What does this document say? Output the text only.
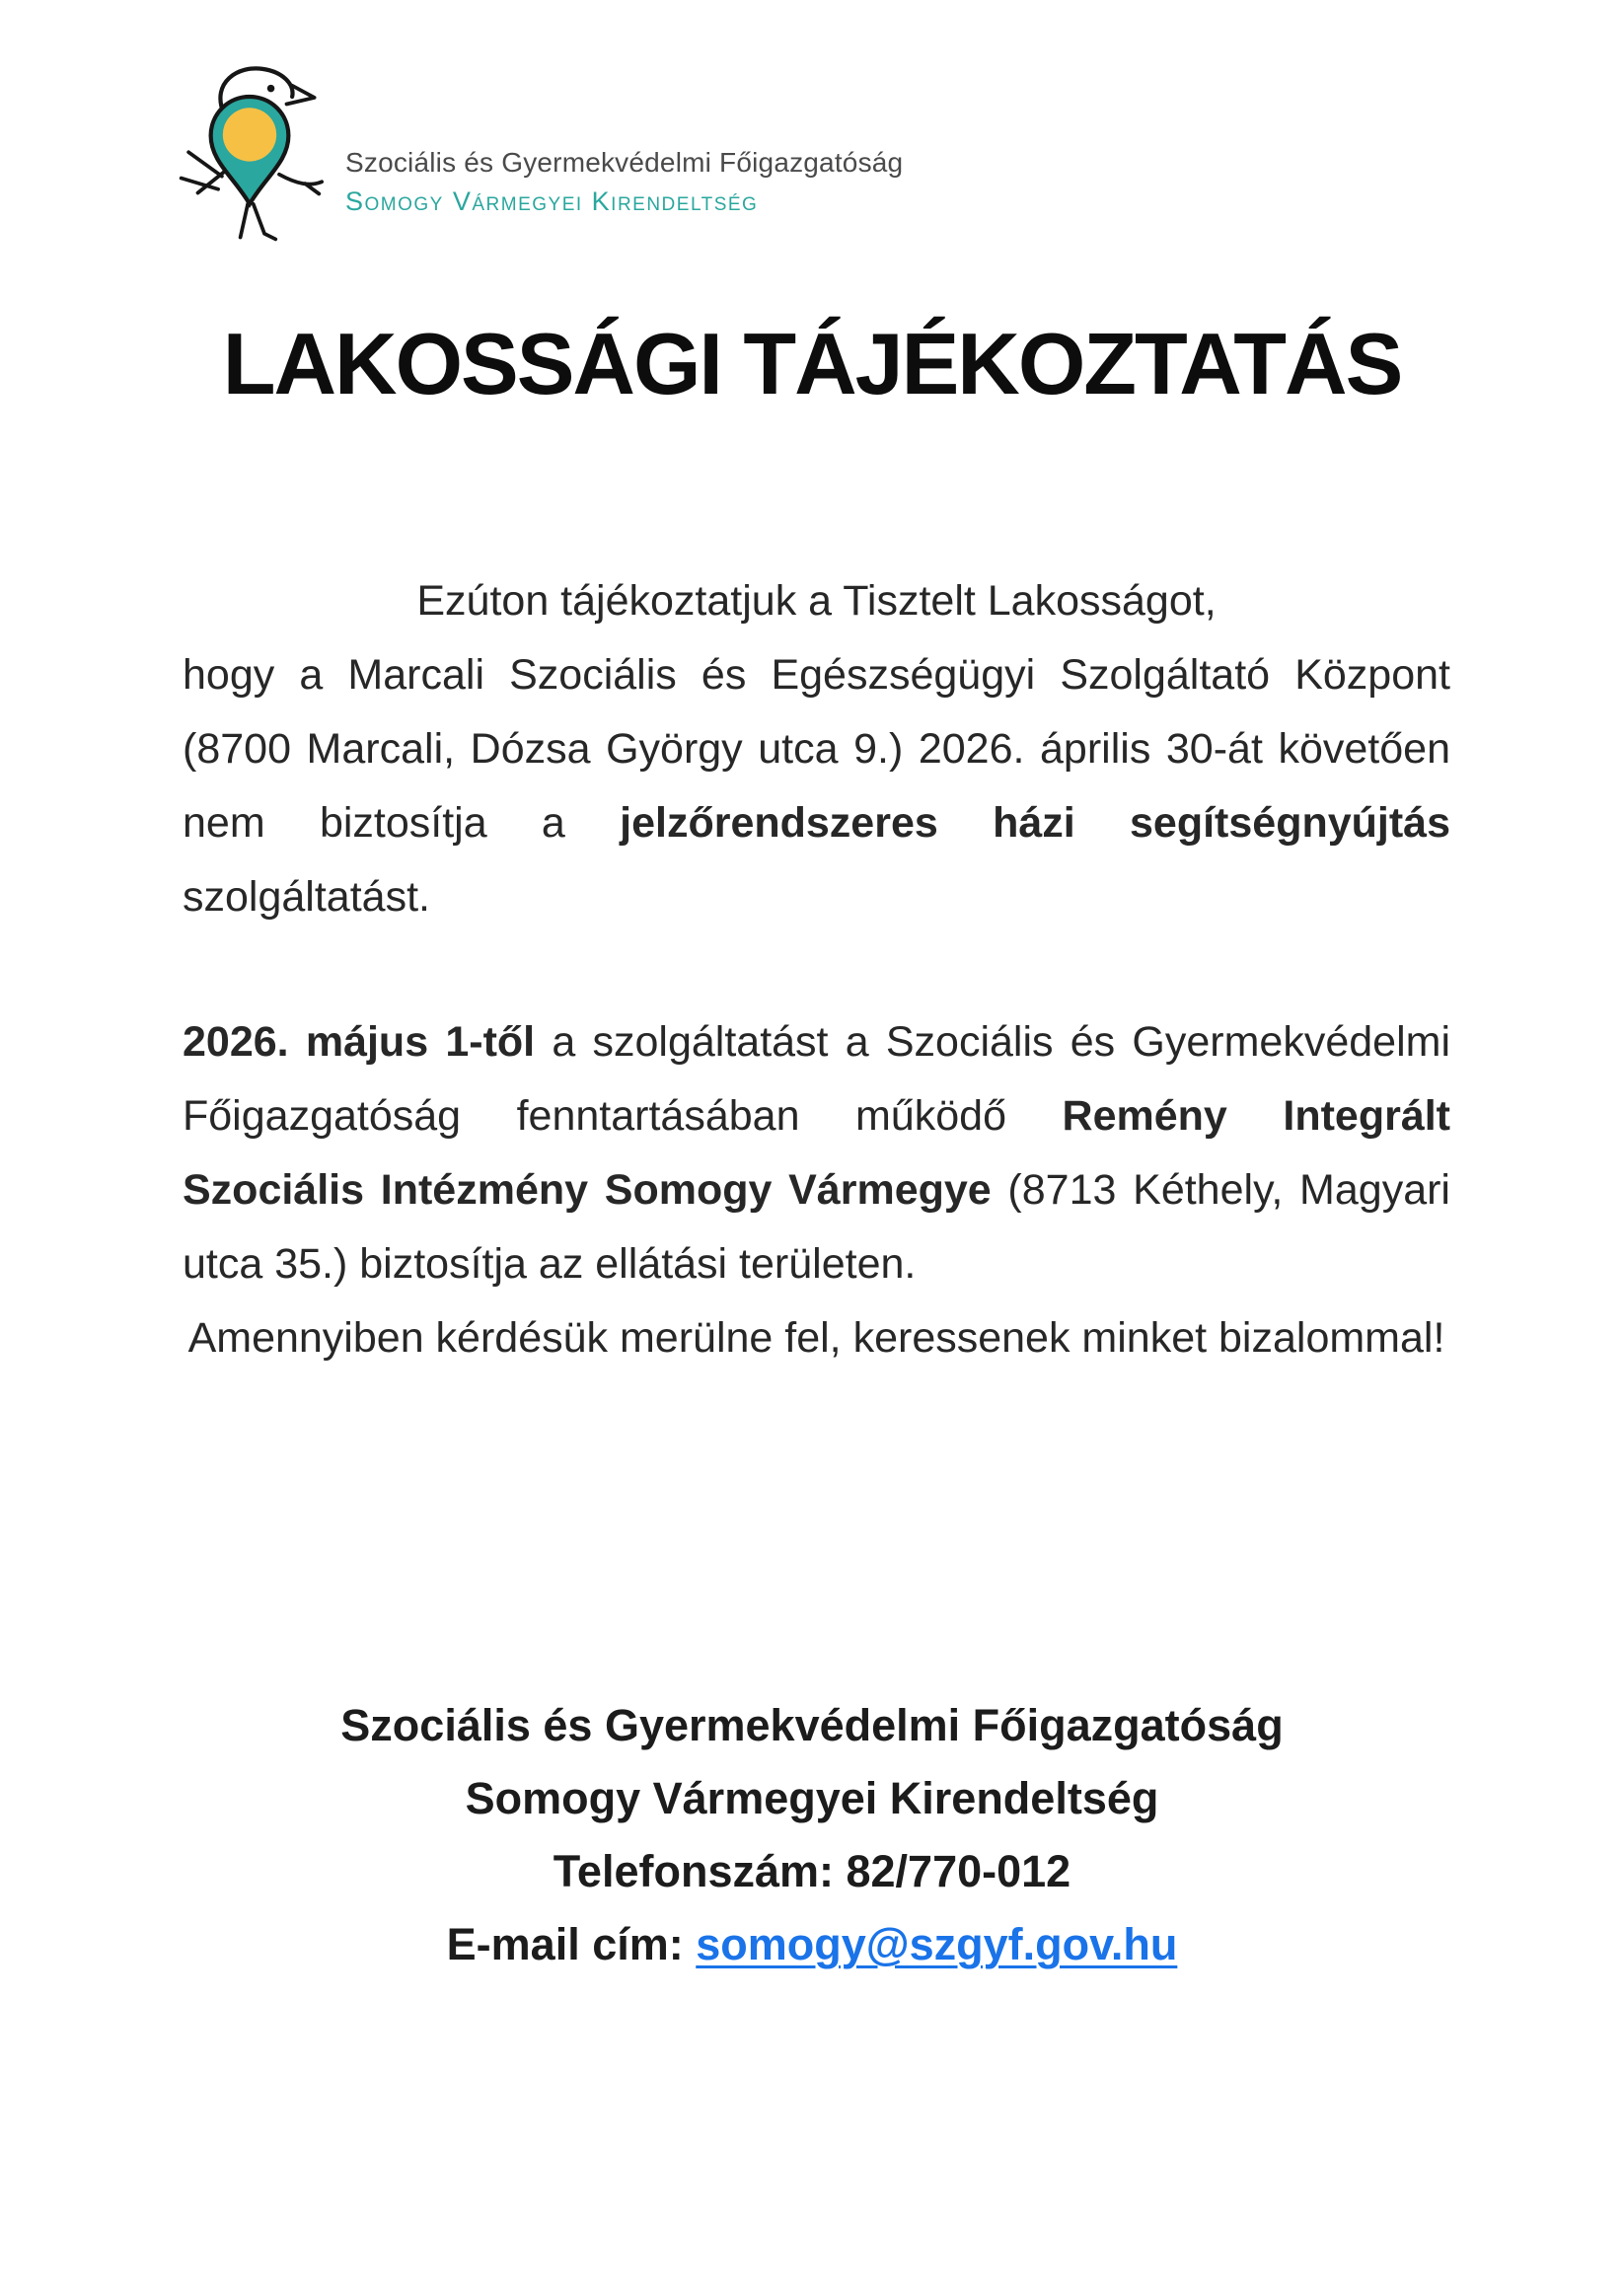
Szociális és Gyermekvédelmi Főigazgatóság
Somogy Vármegyei Kirendeltség
LAKOSSÁGI TÁJÉKOZTATÁS

Ezúton tájékoztatjuk a Tisztelt Lakosságot,

hogy a Marcali Szociális és Egészségügyi Szolgáltató Központ (8700 Marcali, Dózsa György utca 9.) 2026. április 30-át követően nem biztosítja a jelzőrendszeres házi segítségnyújtás szolgáltatást.

2026. május 1-től a szolgáltatást a Szociális és Gyermekvédelmi Főigazgatóság fenntartásában működő Remény Integrált Szociális Intézmény Somogy Vármegye (8713 Kéthely, Magyari utca 35.) biztosítja az ellátási területen.

Amennyiben kérdésük merülne fel, keressenek minket bizalommal!

Szociális és Gyermekvédelmi Főigazgatóság

Somogy Vármegyei Kirendeltség

Telefonszám: 82/770-012

E-mail cím: somogy@szgyf.gov.hu
